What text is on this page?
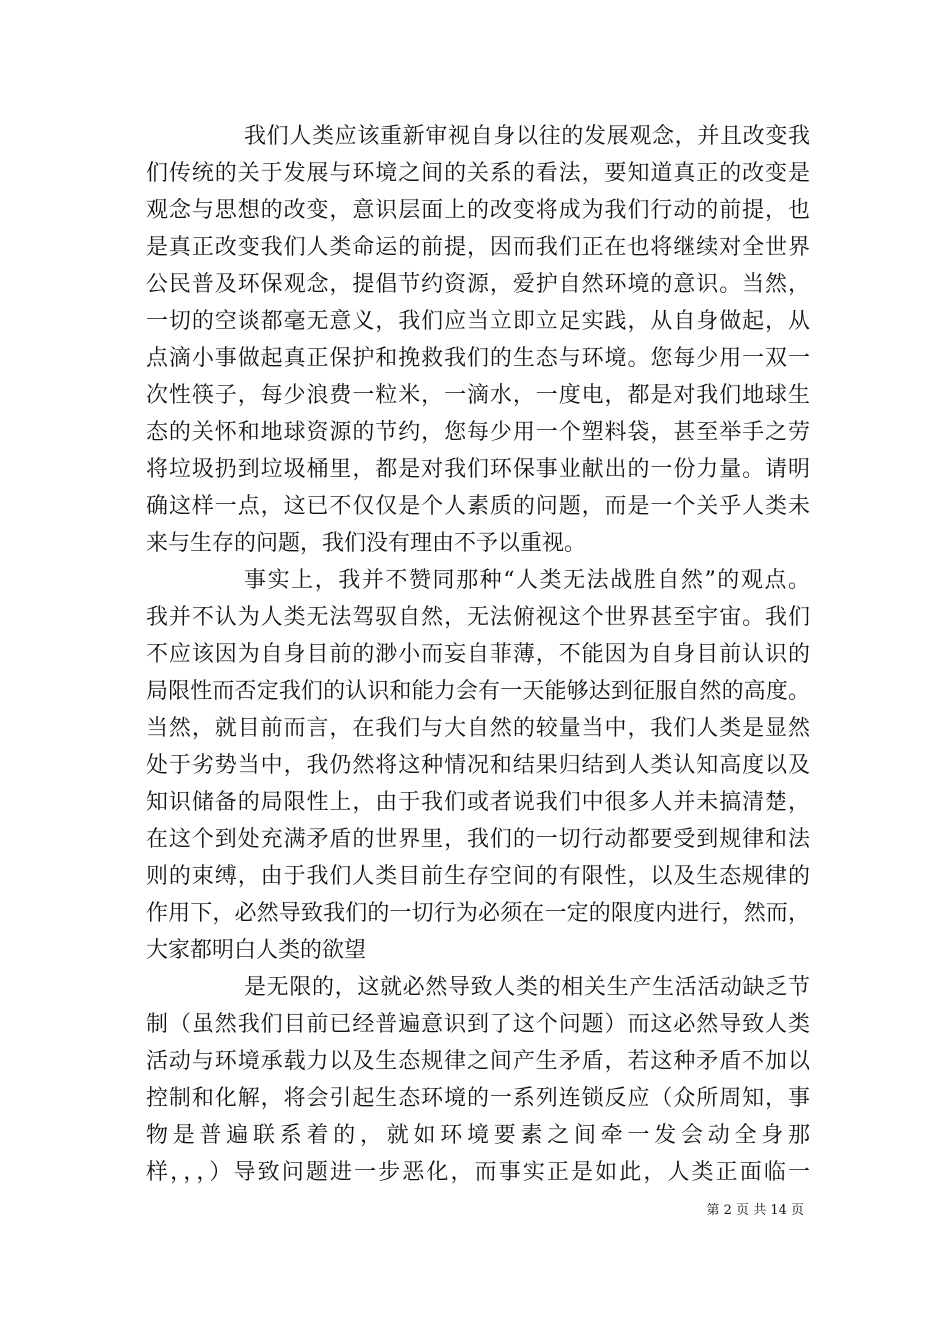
我们人类应该重新审视自身以往的发展观念，并且改变我
们传统的关于发展与环境之间的关系的看法，要知道真正的改变是
观念与思想的改变，意识层面上的改变将成为我们行动的前提，也
是真正改变我们人类命运的前提，因而我们正在也将继续对全世界
公民普及环保观念，提倡节约资源，爱护自然环境的意识。当然，
一切的空谈都毫无意义，我们应当立即立足实践，从自身做起，从
点滴小事做起真正保护和挽救我们的生态与环境。您每少用一双一
次性筷子，每少浪费一粒米，一滴水，一度电，都是对我们地球生
态的关怀和地球资源的节约，您每少用一个塑料袋，甚至举手之劳
将垃圾扔到垃圾桶里，都是对我们环保事业献出的一份力量。请明
确这样一点，这已不仅仅是个人素质的问题，而是一个关乎人类未
来与生存的问题，我们没有理由不予以重视。
事实上，我并不赞同那种“人类无法战胜自然”的观点。
我并不认为人类无法驾驭自然，无法俯视这个世界甚至宇宙。我们
不应该因为自身目前的渺小而妄自菲薄，不能因为自身目前认识的
局限性而否定我们的认识和能力会有一天能够达到征服自然的高度。
当然，就目前而言，在我们与大自然的较量当中，我们人类是显然
处于劣势当中，我仍然将这种情况和结果归结到人类认知高度以及
知识储备的局限性上，由于我们或者说我们中很多人并未搞清楚，
在这个到处充满矛盾的世界里，我们的一切行动都要受到规律和法
则的束缚，由于我们人类目前生存空间的有限性，以及生态规律的
作用下，必然导致我们的一切行为必须在一定的限度内进行，然而，
大家都明白人类的欲望
是无限的，这就必然导致人类的相关生产生活活动缺乏节
制（虽然我们目前已经普遍意识到了这个问题）而这必然导致人类
活动与环境承载力以及生态规律之间产生矛盾，若这种矛盾不加以
控制和化解，将会引起生态环境的一系列连锁反应（众所周知，事
物是普遍联系着的，就如环境要素之间牵一发会动全身那
样，，，）导致问题进一步恶化，而事实正是如此，人类正面临一
第 2 页 共 14 页
